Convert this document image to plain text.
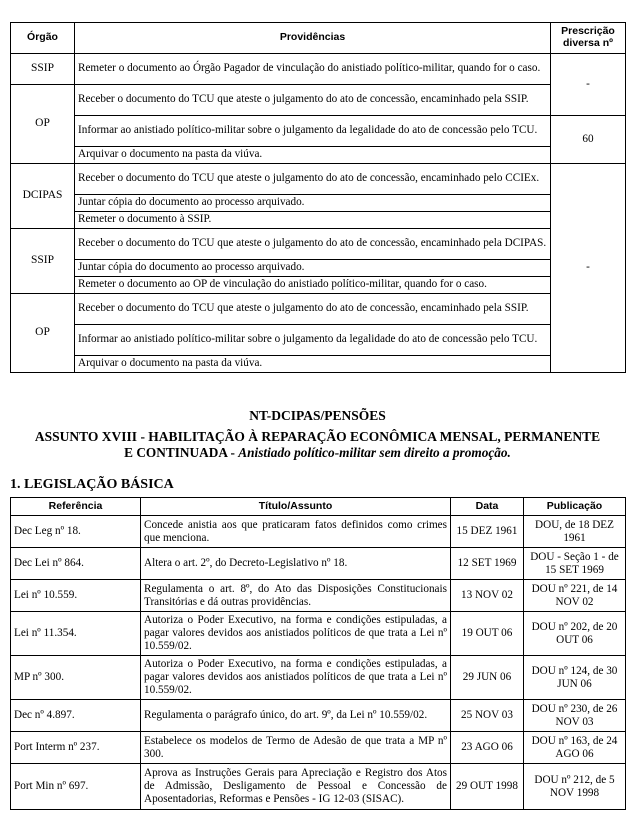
Órgão	Providências	Prescrição diversa nº
SSIP	Remeter o documento ao Órgão Pagador de vinculação do anistiado político-militar, quando for o caso.	-
OP	Receber o documento do TCU que ateste o julgamento do ato de concessão, encaminhado pela SSIP.	
	Informar ao anistiado político-militar sobre o julgamento da legalidade do ato de concessão pelo TCU.	60
	Arquivar o documento na pasta da viúva.	
DCIPAS	Receber o documento do TCU que ateste o julgamento do ato de concessão, encaminhado pelo CCIEx.	-
	Juntar cópia do documento ao processo arquivado.	
	Remeter o documento à SSIP.	
SSIP	Receber o documento do TCU que ateste o julgamento do ato de concessão, encaminhado pela DCIPAS.	
	Juntar cópia do documento ao processo arquivado.	
	Remeter o documento ao OP de vinculação do anistiado político-militar, quando for o caso.	
OP	Receber o documento do TCU que ateste o julgamento do ato de concessão, encaminhado pela SSIP.	
	Informar ao anistiado político-militar sobre o julgamento da legalidade do ato de concessão pelo TCU.	
	Arquivar o documento na pasta da viúva.	
NT-DCIPAS/PENSÕES
ASSUNTO XVIII - HABILITAÇÃO À REPARAÇÃO ECONÔMICA MENSAL, PERMANENTE
E CONTINUADA - Anistiado político-militar sem direito a promoção.
1. LEGISLAÇÃO BÁSICA
Referência	Título/Assunto	Data	Publicação
Dec Leg nº 18.	Concede anistia aos que praticaram fatos definidos como crimes que menciona.	15 DEZ 1961	DOU, de 18 DEZ 1961
Dec Lei nº 864.	Altera o art. 2º, do Decreto-Legislativo nº 18.	12 SET 1969	DOU - Seção 1 - de 15 SET 1969
Lei nº 10.559.	Regulamenta o art. 8º, do Ato das Disposições Constitucionais Transitórias e dá outras providências.	13 NOV 02	DOU nº 221, de 14 NOV 02
Lei nº 11.354.	Autoriza o Poder Executivo, na forma e condições estipuladas, a pagar valores devidos aos anistiados políticos de que trata a Lei nº 10.559/02.	19 OUT 06	DOU nº 202, de 20 OUT 06
MP nº 300.	Autoriza o Poder Executivo, na forma e condições estipuladas, a pagar valores devidos aos anistiados políticos de que trata a Lei nº 10.559/02.	29 JUN 06	DOU nº 124, de 30 JUN 06
Dec nº 4.897.	Regulamenta o parágrafo único, do art. 9º, da Lei nº 10.559/02.	25 NOV 03	DOU nº 230, de 26 NOV 03
Port Interm nº 237.	Estabelece os modelos de Termo de Adesão de que trata a MP nº 300.	23 AGO 06	DOU nº 163, de 24 AGO 06
Port Min nº 697.	Aprova as Instruções Gerais para Apreciação e Registro dos Atos de Admissão, Desligamento de Pessoal e Concessão de Aposentadorias, Reformas e Pensões - IG 12-03 (SISAC).	29 OUT 1998	DOU nº 212, de 5 NOV 1998
